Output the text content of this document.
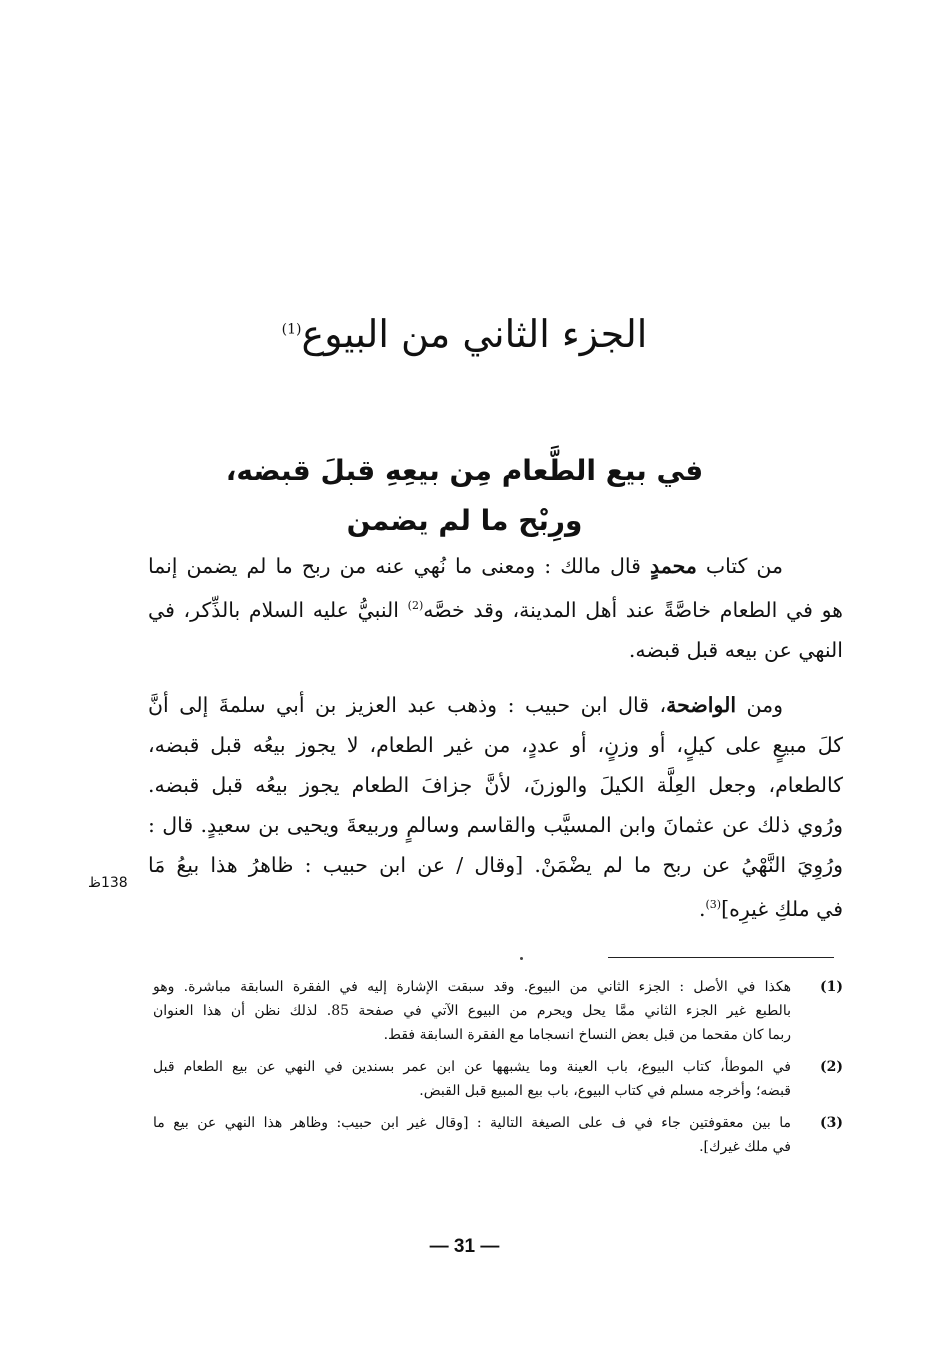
الجزء الثاني من البيوع$^{(1)}$
في بيع الطَّعام مِن بيعِهِ قبلَ قبضه،
ورِبْح ما لم يضمن
من كتاب محمدٍ قال مالك : ومعنى ما نُهي عنه من ربح ما لم يضمن إنما
هو في الطعام خاصَّةً عند أهل المدينة، وقد خصَّه$^{(2)}$ النبيُّ عليه السلام بالذِّكر، في
النهي عن بيعه قبل قبضه.
ومن الواضحة، قال ابن حبيب : وذهب عبد العزيز بن أبي سلمةَ إلى أنَّ
كلَ مبيعٍ على كيلٍ، أو وزنٍ، أو عددٍ، من غير الطعام، لا يجوز بيعُه قبل قبضه،
كالطعام، وجعل العِلَّة الكيلَ والوزنَ، لأنَّ جزافَ الطعام يجوز بيعُه قبل قبضه.
ورُوي ذلك عن عثمانَ وابن المسيَّب والقاسم وسالمٍ وربيعةَ ويحيى بن سعيدٍ. قال :
ورُوِيَ النَّهْيُ عن ربح ما لم يضْمَنْ. [وقال / عن ابن حبيب : ظاهرُ هذا بيعُ مَا
في ملكِ غيرِه]$^{(3)}$.
138ظ
(1)
هكذا في الأصل : الجزء الثاني من البيوع. وقد سبقت الإشارة إليه في الفقرة السابقة مباشرة. وهو
بالطبع غير الجزء الثاني ممَّا يحل ويحرم من البيوع الآتي في صفحة 85. لذلك نظن أن هذا العنوان
ربما كان مقحما من قبل بعض النساخ انسجاما مع الفقرة السابقة فقط.
(2)
في الموطأ، كتاب البيوع، باب العينة وما يشبهها عن ابن عمر بسندين في النهي عن بيع الطعام قبل
قبضه؛ وأخرجه مسلم في كتاب البيوع، باب بيع المبيع قبل القبض.
(3)
ما بين معقوفتين جاء في ف على الصيغة التالية : [وقال غير ابن حبيب: وظاهر هذا النهي عن بيع ما
في ملك غيرك].
— 31 —
